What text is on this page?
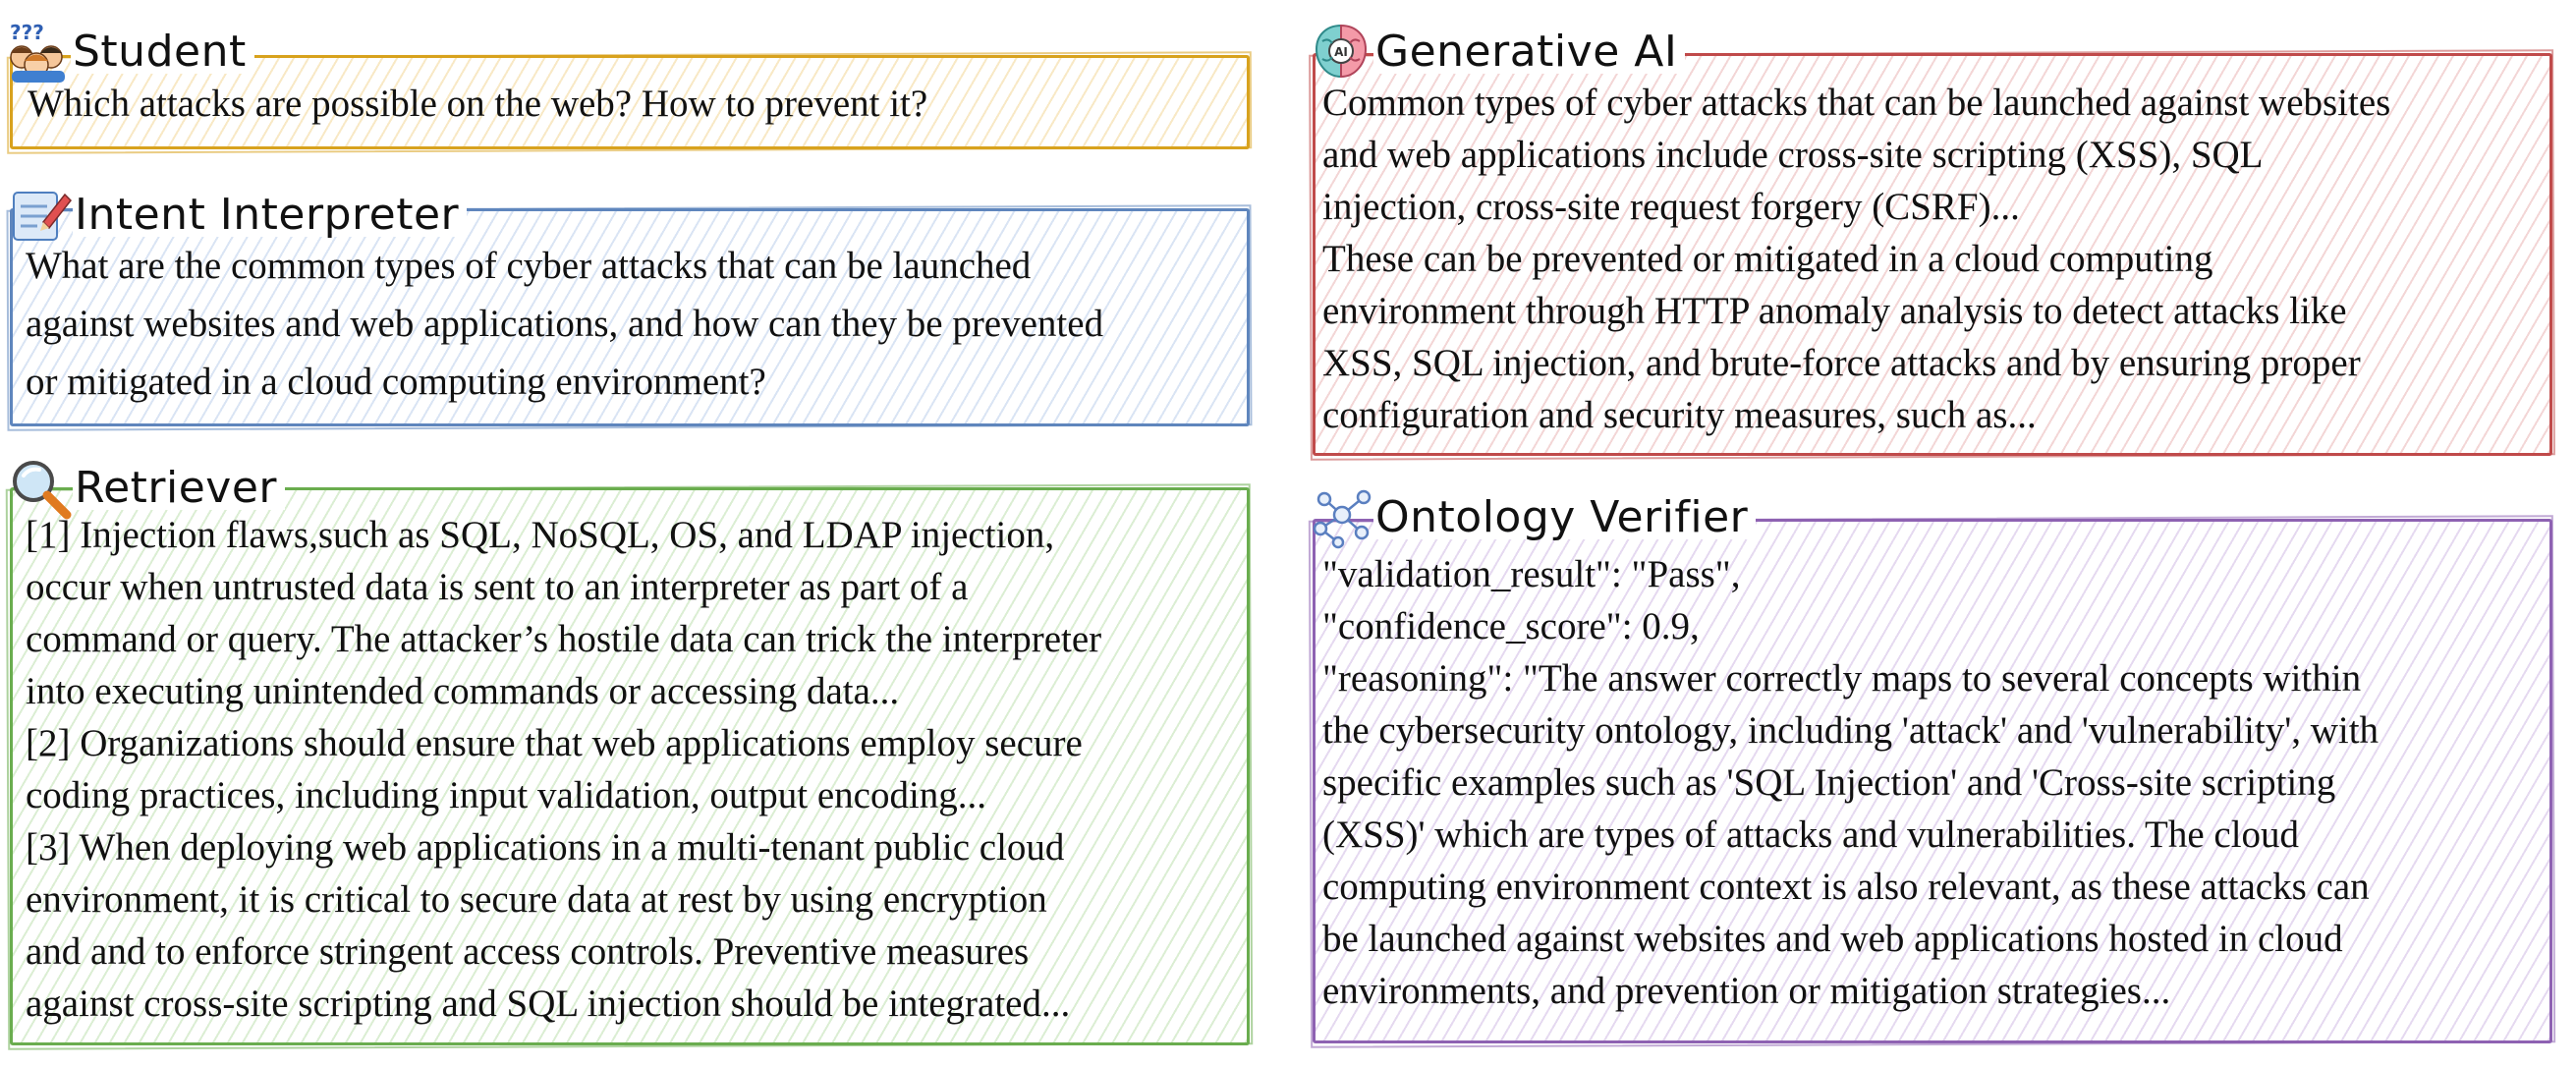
??? Student
Which attacks are possible on the web? How to prevent it?
Intent Interpreter
What are the common types of cyber attacks that can be launched
against websites and web applications, and how can they be prevented
or mitigated in a cloud computing environment?
Retriever
[1] Injection flaws,such as SQL, NoSQL, OS, and LDAP injection,
occur when untrusted data is sent to an interpreter as part of a
command or query. The attacker’s hostile data can trick the interpreter
into executing unintended commands or accessing data...
[2] Organizations should ensure that web applications employ secure
coding practices, including input validation, output encoding...
[3] When deploying web applications in a multi-tenant public cloud
environment, it is critical to secure data at rest by using encryption
and and to enforce stringent access controls. Preventive measures
against cross-site scripting and SQL injection should be integrated...
AI Generative AI
Common types of cyber attacks that can be launched against websites
and web applications include cross-site scripting (XSS), SQL
injection, cross-site request forgery (CSRF)...
These can be prevented or mitigated in a cloud computing
environment through HTTP anomaly analysis to detect attacks like
XSS, SQL injection, and brute-force attacks and by ensuring proper
configuration and security measures, such as...
Ontology Verifier
"validation_result": "Pass",
"confidence_score": 0.9,
"reasoning": "The answer correctly maps to several concepts within
the cybersecurity ontology, including 'attack' and 'vulnerability', with
specific examples such as 'SQL Injection' and 'Cross-site scripting
(XSS)' which are types of attacks and vulnerabilities. The cloud
computing environment context is also relevant, as these attacks can
be launched against websites and web applications hosted in cloud
environments, and prevention or mitigation strategies...
